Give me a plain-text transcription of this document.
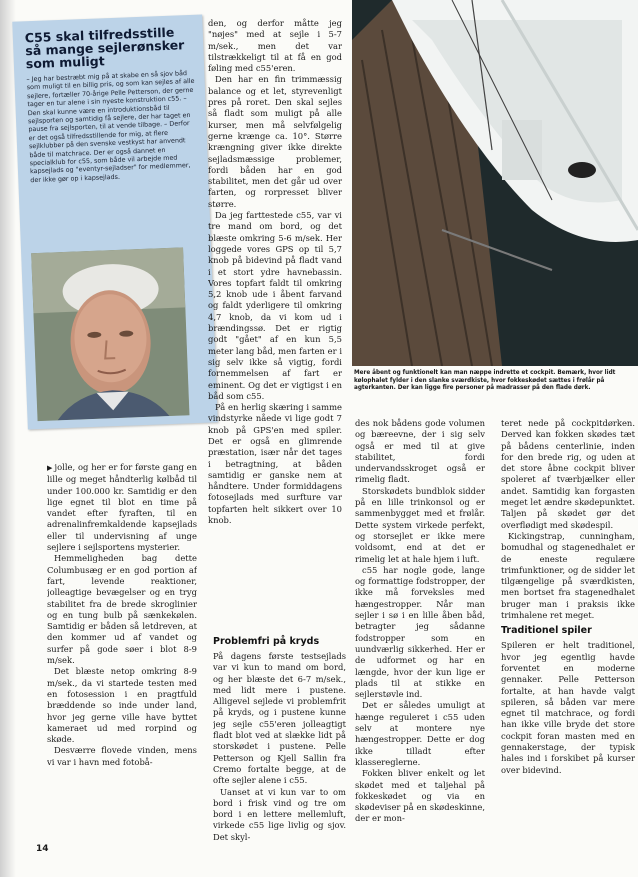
C55 skal tilfredsstille så mange sejlerønsker som muligt

– Jeg har bestræbt mig på at skabe en så sjov båd som muligt til en billig pris, og som kan sejles af alle sejlere, fortæller 70-årige Pelle Petterson, der gerne tager en tur alene i sin nyeste konstruktion c55. – Den skal kunne være en introduktionsbåd til sejlsporten og samtidig få sejlere, der har taget en pause fra sejlsporten, til at vende tilbage. – Derfor er det også tilfredsstillende for mig, at flere sejlklubber på den svenske vestkyst har anvendt både til matchrace. Der er også dannet en specialklub for c55, som både vil arbejde med kapsejlads og "eventyr-sejladser" for medlemmer, der ikke gør op i kapsejlads.

Mere åbent og funktionelt kan man næppe indrette et cockpit. Bemærk, hvor lidt kølophalet fylder i den slanke sværdkiste, hvor fokkeskødet sættes i frølår på agterkanten. Der kan ligge fire personer på madrasser på den flade dørk.

▶ jolle, og her er for første gang en lille og meget håndterlig kølbåd til under 100.000 kr. Samtidig er den lige egnet til blot en time på vandet efter fyraften, til en adrenalinfremkaldende kapsejlads eller til undervisning af unge sejlere i sejlsportens mysterier.

Hemmeligheden bag dette Columbusæg er en god portion af fart, levende reaktioner, jolleagtige bevægelser og en tryg stabilitet fra de brede skroglinier og en tung bulb på sænkekølen. Samtidig er båden så letdreven, at den kommer ud af vandet og surfer på gode søer i blot 8-9 m/sek.

Det blæste netop omkring 8-9 m/sek., da vi startede testen med en fotosession i en pragtfuld bræddende so inde under land, hvor jeg gerne ville have byttet kameraet ud med rorpind og skøde.

Desværre flovede vinden, mens vi var i havn med fotobå-

den, og derfor måtte jeg "nøjes" med at sejle i 5-7 m/sek., men det var tilstrækkeligt til at få en god føling med c55'eren.

Den har en fin trimmæssig balance og et let, styrevenligt pres på roret. Den skal sejles så fladt som muligt på alle kurser, men må selvfølgelig gerne krænge ca. 10°. Større krængning giver ikke direkte sejladsmæssige problemer, fordi båden har en god stabilitet, men det går ud over farten, og rorpresset bliver større.

Da jeg farttestede c55, var vi tre mand om bord, og det blæste omkring 5-6 m/sek. Her loggede vores GPS op til 5,7 knob på bidevind på fladt vand i et stort ydre havnebassin. Vores topfart faldt til omkring 5,2 knob ude i åbent farvand og faldt yderligere til omkring 4,7 knob, da vi kom ud i brændingssø. Det er rigtig godt "gået" af en kun 5,5 meter lang båd, men farten er i sig selv ikke så vigtig, fordi fornemmelsen af fart er eminent. Og det er vigtigst i en båd som c55.

På en herlig skæring i samme vindstyrke nåede vi lige godt 7 knob på GPS'en med spiler. Det er også en glimrende præstation, især når det tages i betragtning, at båden samtidig er ganske nem at håndtere. Under formiddagens fotosejlads med surfture var topfarten helt sikkert over 10 knob.

Problemfri på kryds

På dagens første testsejlads var vi kun to mand om bord, og her blæste det 6-7 m/sek., med lidt mere i pustene. Alligevel sejlede vi problemfrit på kryds, og i pustene kunne jeg sejle c55'eren jolleagtigt fladt blot ved at slække lidt på storskødet i pustene. Pelle Petterson og Kjell Sallin fra Cremo fortalte begge, at de ofte sejler alene i c55.

Uanset at vi kun var to om bord i frisk vind og tre om bord i en lettere mellemluft, virkede c55 lige livlig og sjov. Det skyl-

des nok bådens gode volumen og bæreevne, der i sig selv også er med til at give stabilitet, fordi undervandsskroget også er rimelig fladt.

Storskødets bundblok sidder på en lille trinkonsol og er sammenbygget med et frølår. Dette system virkede perfekt, og storsejlet er ikke mere voldsomt, end at det er rimelig let at hale hjem i luft.

c55 har nogle gode, lange og formattige fodstropper, der ikke må forveksles med hængestropper. Når man sejler i sø i en lille åben båd, betragter jeg sådanne fodstropper som en uundværlig sikkerhed. Her er de udformet og har en længde, hvor der kun lige er plads til at stikke en sejlerstøvle ind.

Det er således umuligt at hænge reguleret i c55 uden selv at montere nye hængestropper. Dette er dog ikke tilladt efter klassereglerne.

Fokken bliver enkelt og let skødet med et taljehal på fokkeskødet og via en skødeviser på en skødeskinne, der er mon-

teret nede på cockpitdørken. Derved kan fokken skødes tæt på bådens centerlinie, inden for den brede rig, og uden at det store åbne cockpit bliver spoleret af tværbjælker eller andet. Samtidig kan forgasten meget let ændre skødepunktet. Taljen på skødet gør det overflødigt med skødespil.

Kickingstrap, cunningham, bomudhal og stagenedhalet er de eneste regulære trimfunktioner, og de sidder let tilgængelige på sværdkisten, men bortset fra stagenedhalet bruger man i praksis ikke trimhalene ret meget.

Traditionel spiler

Spileren er helt traditionel, hvor jeg egentlig havde forventet en moderne gennaker. Pelle Petterson fortalte, at han havde valgt spileren, så båden var mere egnet til matchrace, og fordi han ikke ville bryde det store cockpit foran masten med en gennakerstage, der typisk hales ind i forskibet på kurser over bidevind.

14
